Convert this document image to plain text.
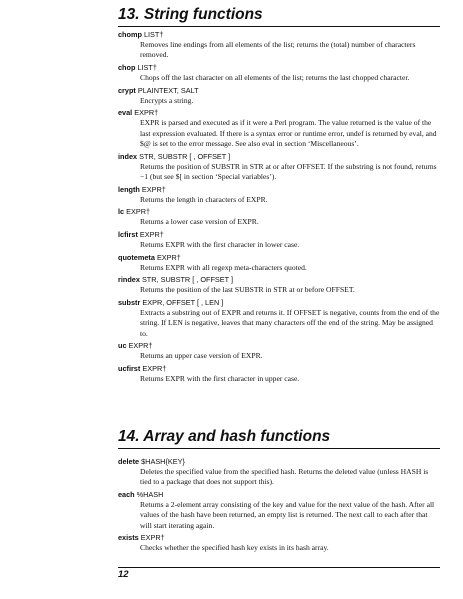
13. String functions
chomp LIST†
Removes line endings from all elements of the list; returns the (total) number of characters removed.
chop LIST†
Chops off the last character on all elements of the list; returns the last chopped character.
crypt PLAINTEXT, SALT
Encrypts a string.
eval EXPR†
EXPR is parsed and executed as if it were a Perl program. The value returned is the value of the last expression evaluated. If there is a syntax error or runtime error, undef is returned by eval, and $@ is set to the error message. See also eval in section ‘Miscellaneous’.
index STR, SUBSTR [ , OFFSET ]
Returns the position of SUBSTR in STR at or after OFFSET. If the substring is not found, returns −1 (but see $[ in section ‘Special variables’).
length EXPR†
Returns the length in characters of EXPR.
lc EXPR†
Returns a lower case version of EXPR.
lcfirst EXPR†
Returns EXPR with the first character in lower case.
quotemeta EXPR†
Returns EXPR with all regexp meta-characters quoted.
rindex STR, SUBSTR [ , OFFSET ]
Returns the position of the last SUBSTR in STR at or before OFFSET.
substr EXPR, OFFSET [ , LEN ]
Extracts a substring out of EXPR and returns it. If OFFSET is negative, counts from the end of the string. If LEN is negative, leaves that many characters off the end of the string. May be assigned to.
uc EXPR†
Returns an upper case version of EXPR.
ucfirst EXPR†
Returns EXPR with the first character in upper case.
14. Array and hash functions
delete $HASH{KEY}
Deletes the specified value from the specified hash. Returns the deleted value (unless HASH is tied to a package that does not support this).
each %HASH
Returns a 2-element array consisting of the key and value for the next value of the hash. After all values of the hash have been returned, an empty list is returned. The next call to each after that will start iterating again.
exists EXPR†
Checks whether the specified hash key exists in its hash array.
12
